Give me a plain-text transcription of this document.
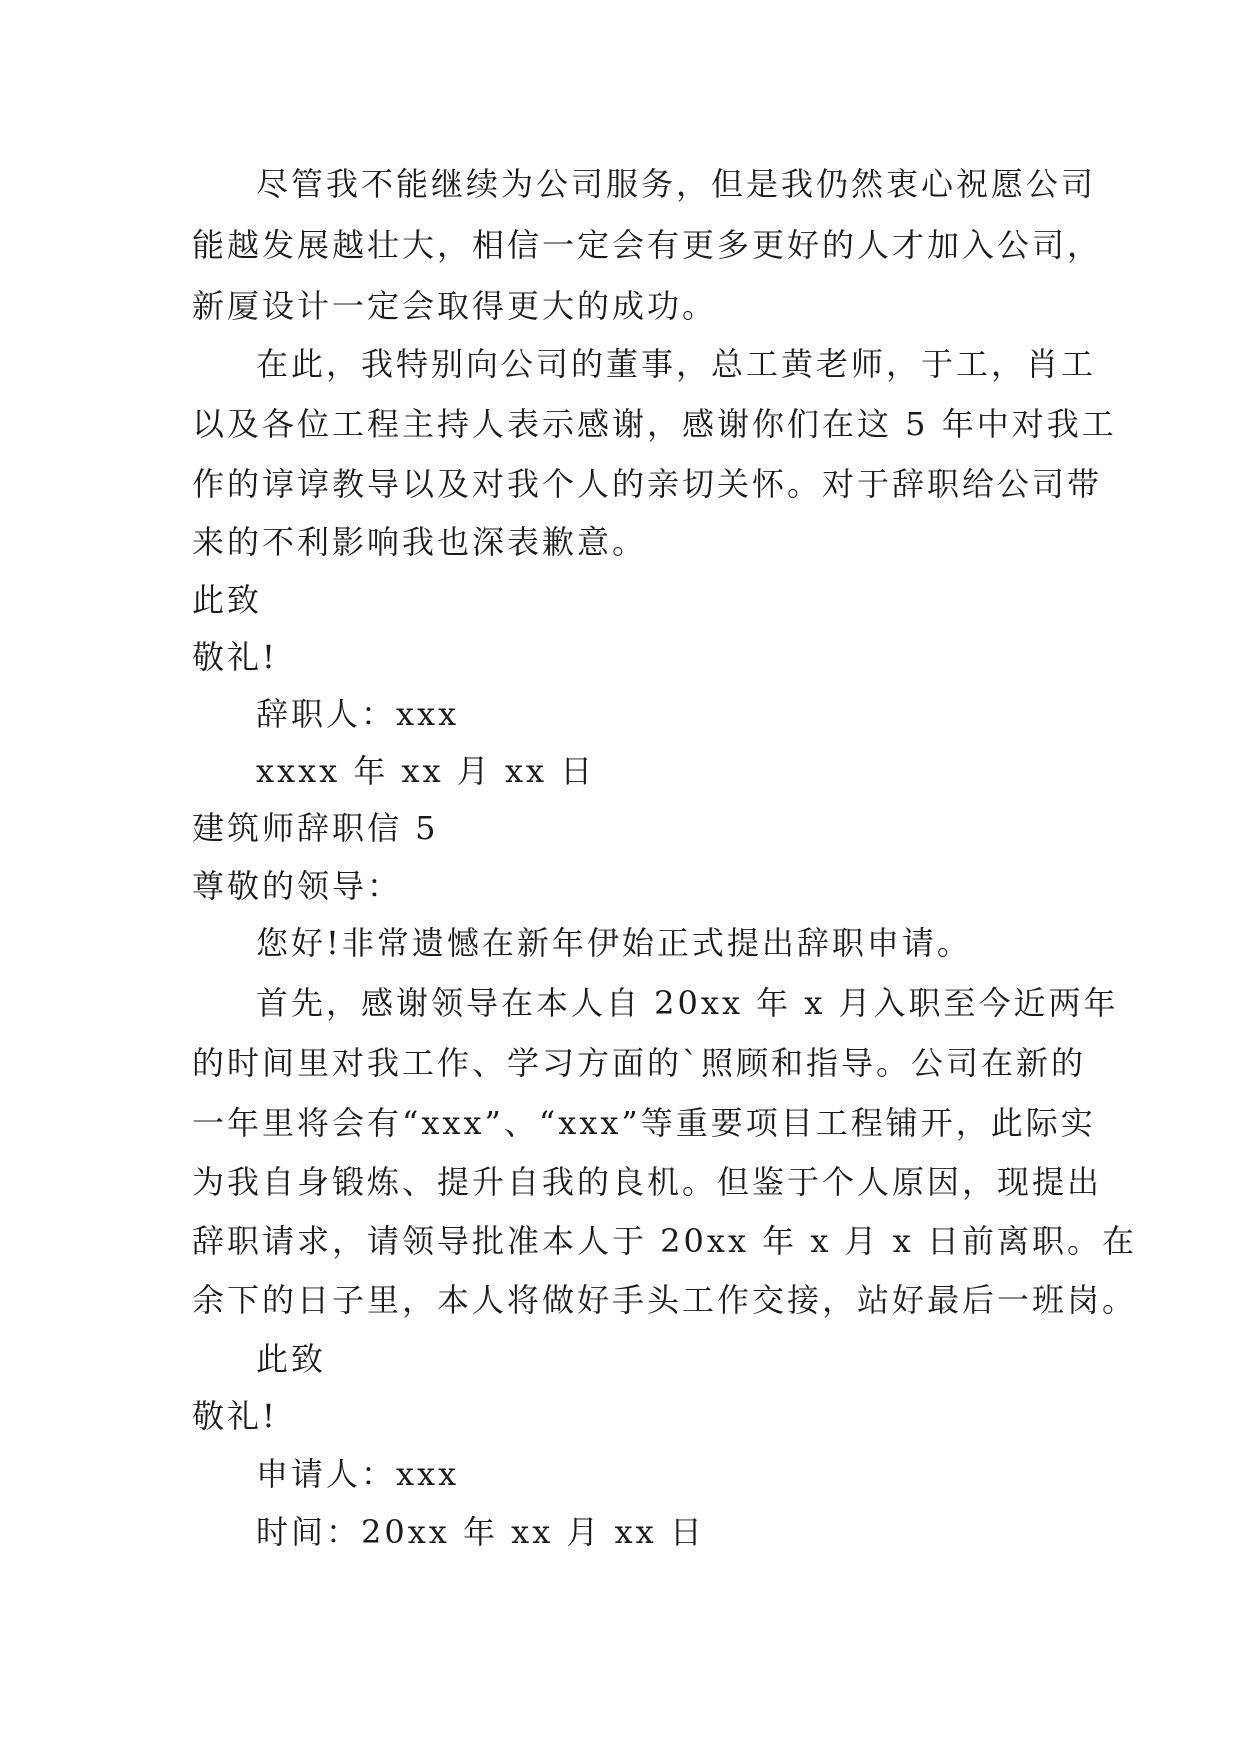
尽管我不能继续为公司服务，但是我仍然衷心祝愿公司
能越发展越壮大，相信一定会有更多更好的人才加入公司，
新厦设计一定会取得更大的成功。
在此，我特别向公司的董事，总工黄老师，于工，肖工
以及各位工程主持人表示感谢，感谢你们在这 5 年中对我工
作的谆谆教导以及对我个人的亲切关怀。对于辞职给公司带
来的不利影响我也深表歉意。
此致
敬礼!
辞职人：xxx
xxxx 年 xx 月 xx 日
建筑师辞职信 5
尊敬的领导：
您好!非常遗憾在新年伊始正式提出辞职申请。
首先，感谢领导在本人自 20xx 年 x 月入职至今近两年
的时间里对我工作、学习方面的`照顾和指导。公司在新的
一年里将会有“xxx”、“xxx”等重要项目工程铺开，此际实
为我自身锻炼、提升自我的良机。但鉴于个人原因，现提出
辞职请求，请领导批准本人于 20xx 年 x 月 x 日前离职。在
余下的日子里，本人将做好手头工作交接，站好最后一班岗。
此致
敬礼!
申请人：xxx
时间：20xx 年 xx 月 xx 日
